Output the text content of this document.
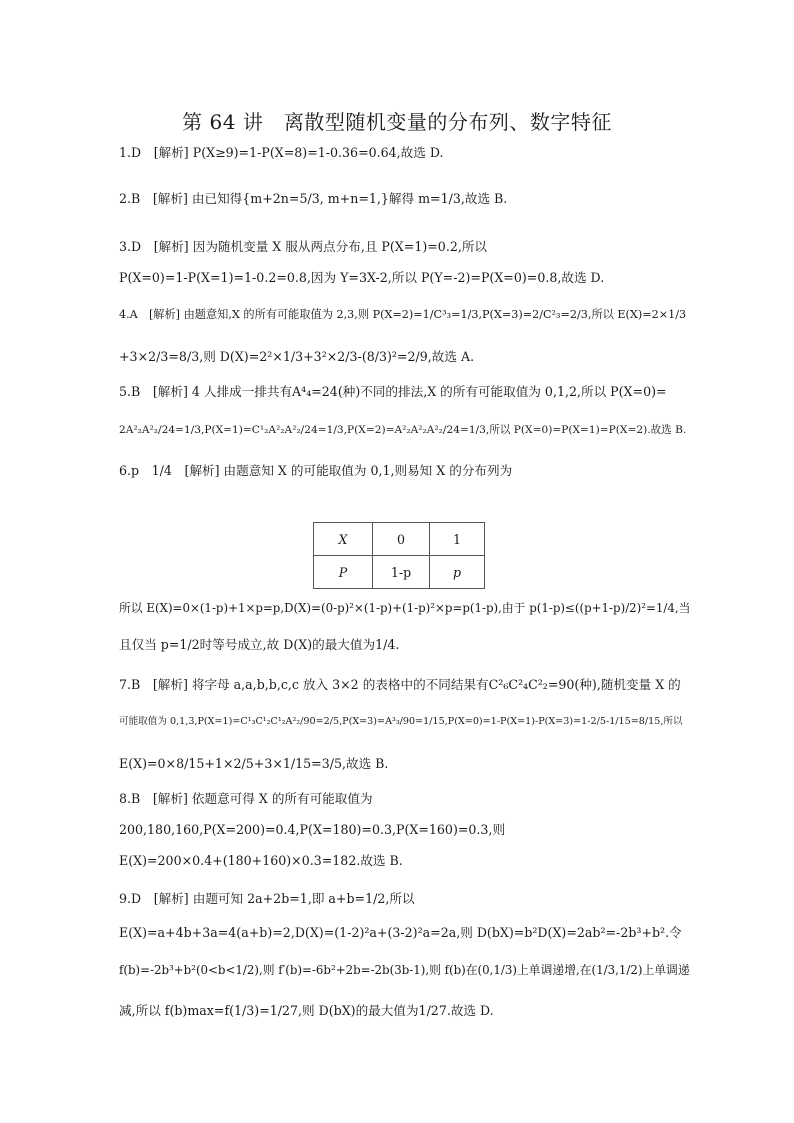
第 64 讲　离散型随机变量的分布列、数字特征
1.D　[解析] P(X≥9)=1-P(X=8)=1-0.36=0.64,故选 D.
2.B　[解析] 由已知得{m+2n=5/3, m+n=1,}解得 m=1/3,故选 B.
3.D　[解析] 因为随机变量 X 服从两点分布,且 P(X=1)=0.2,所以
P(X=0)=1-P(X=1)=1-0.2=0.8,因为 Y=3X-2,所以 P(Y=-2)=P(X=0)=0.8,故选 D.
4.A　[解析] 由题意知,X 的所有可能取值为 2,3,则 P(X=2)=1/C³₃=1/3,P(X=3)=2/C²₃=2/3,所以 E(X)=2×1/3
+3×2/3=8/3,则 D(X)=2²×1/3+3²×2/3-(8/3)²=2/9,故选 A.
5.B　[解析] 4 人排成一排共有A⁴₄=24(种)不同的排法,X 的所有可能取值为 0,1,2,所以 P(X=0)=
2A²₂A²₂/24=1/3,P(X=1)=C¹₂A²₂A²₂/24=1/3,P(X=2)=A²₂A²₂A²₂/24=1/3,所以 P(X=0)=P(X=1)=P(X=2).故选 B.
6.p　1/4　[解析] 由题意知 X 的可能取值为 0,1,则易知 X 的分布列为
X	0	1
P	1-p	p
所以 E(X)=0×(1-p)+1×p=p,D(X)=(0-p)²×(1-p)+(1-p)²×p=p(1-p),由于 p(1-p)≤((p+1-p)/2)²=1/4,当
且仅当 p=1/2时等号成立,故 D(X)的最大值为1/4.
7.B　[解析] 将字母 a,a,b,b,c,c 放入 3×2 的表格中的不同结果有C²₆C²₄C²₂=90(种),随机变量 X 的
可能取值为 0,1,3,P(X=1)=C¹₃C¹₂C¹₂A²₂/90=2/5,P(X=3)=A³₃/90=1/15,P(X=0)=1-P(X=1)-P(X=3)=1-2/5-1/15=8/15,所以
E(X)=0×8/15+1×2/5+3×1/15=3/5,故选 B.
8.B　[解析] 依题意可得 X 的所有可能取值为
200,180,160,P(X=200)=0.4,P(X=180)=0.3,P(X=160)=0.3,则
E(X)=200×0.4+(180+160)×0.3=182.故选 B.
9.D　[解析] 由题可知 2a+2b=1,即 a+b=1/2,所以
E(X)=a+4b+3a=4(a+b)=2,D(X)=(1-2)²a+(3-2)²a=2a,则 D(bX)=b²D(X)=2ab²=-2b³+b².令
f(b)=-2b³+b²(0<b<1/2),则 f′(b)=-6b²+2b=-2b(3b-1),则 f(b)在(0,1/3)上单调递增,在(1/3,1/2)上单调递
减,所以 f(b)max=f(1/3)=1/27,则 D(bX)的最大值为1/27.故选 D.
